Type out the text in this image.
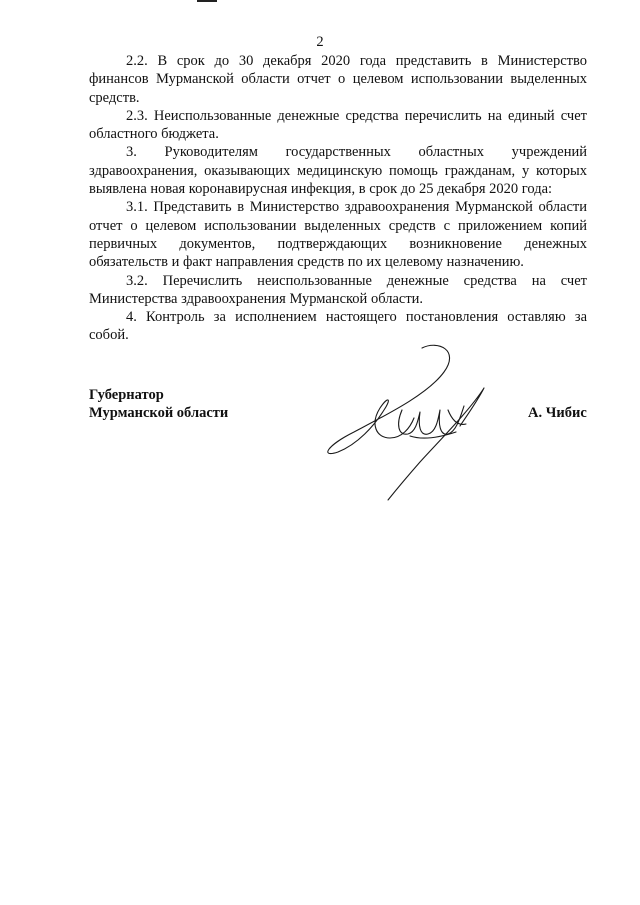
2

2.2. В срок до 30 декабря 2020 года представить в Министерство финансов Мурманской области отчет о целевом использовании выделенных средств.

2.3. Неиспользованные денежные средства перечислить на единый счет областного бюджета.

3. Руководителям государственных областных учреждений здравоохранения, оказывающих медицинскую помощь гражданам, у которых выявлена новая коронавирусная инфекция, в срок до 25 декабря 2020 года:

3.1. Представить в Министерство здравоохранения Мурманской области отчет о целевом использовании выделенных средств с приложением копий первичных документов, подтверждающих возникновение денежных обязательств и факт направления средств по их целевому назначению.

3.2. Перечислить неиспользованные денежные средства на счет Министерства здравоохранения Мурманской области.

4. Контроль за исполнением настоящего постановления оставляю за собой.

Губернатор
Мурманской области	А. Чибис
